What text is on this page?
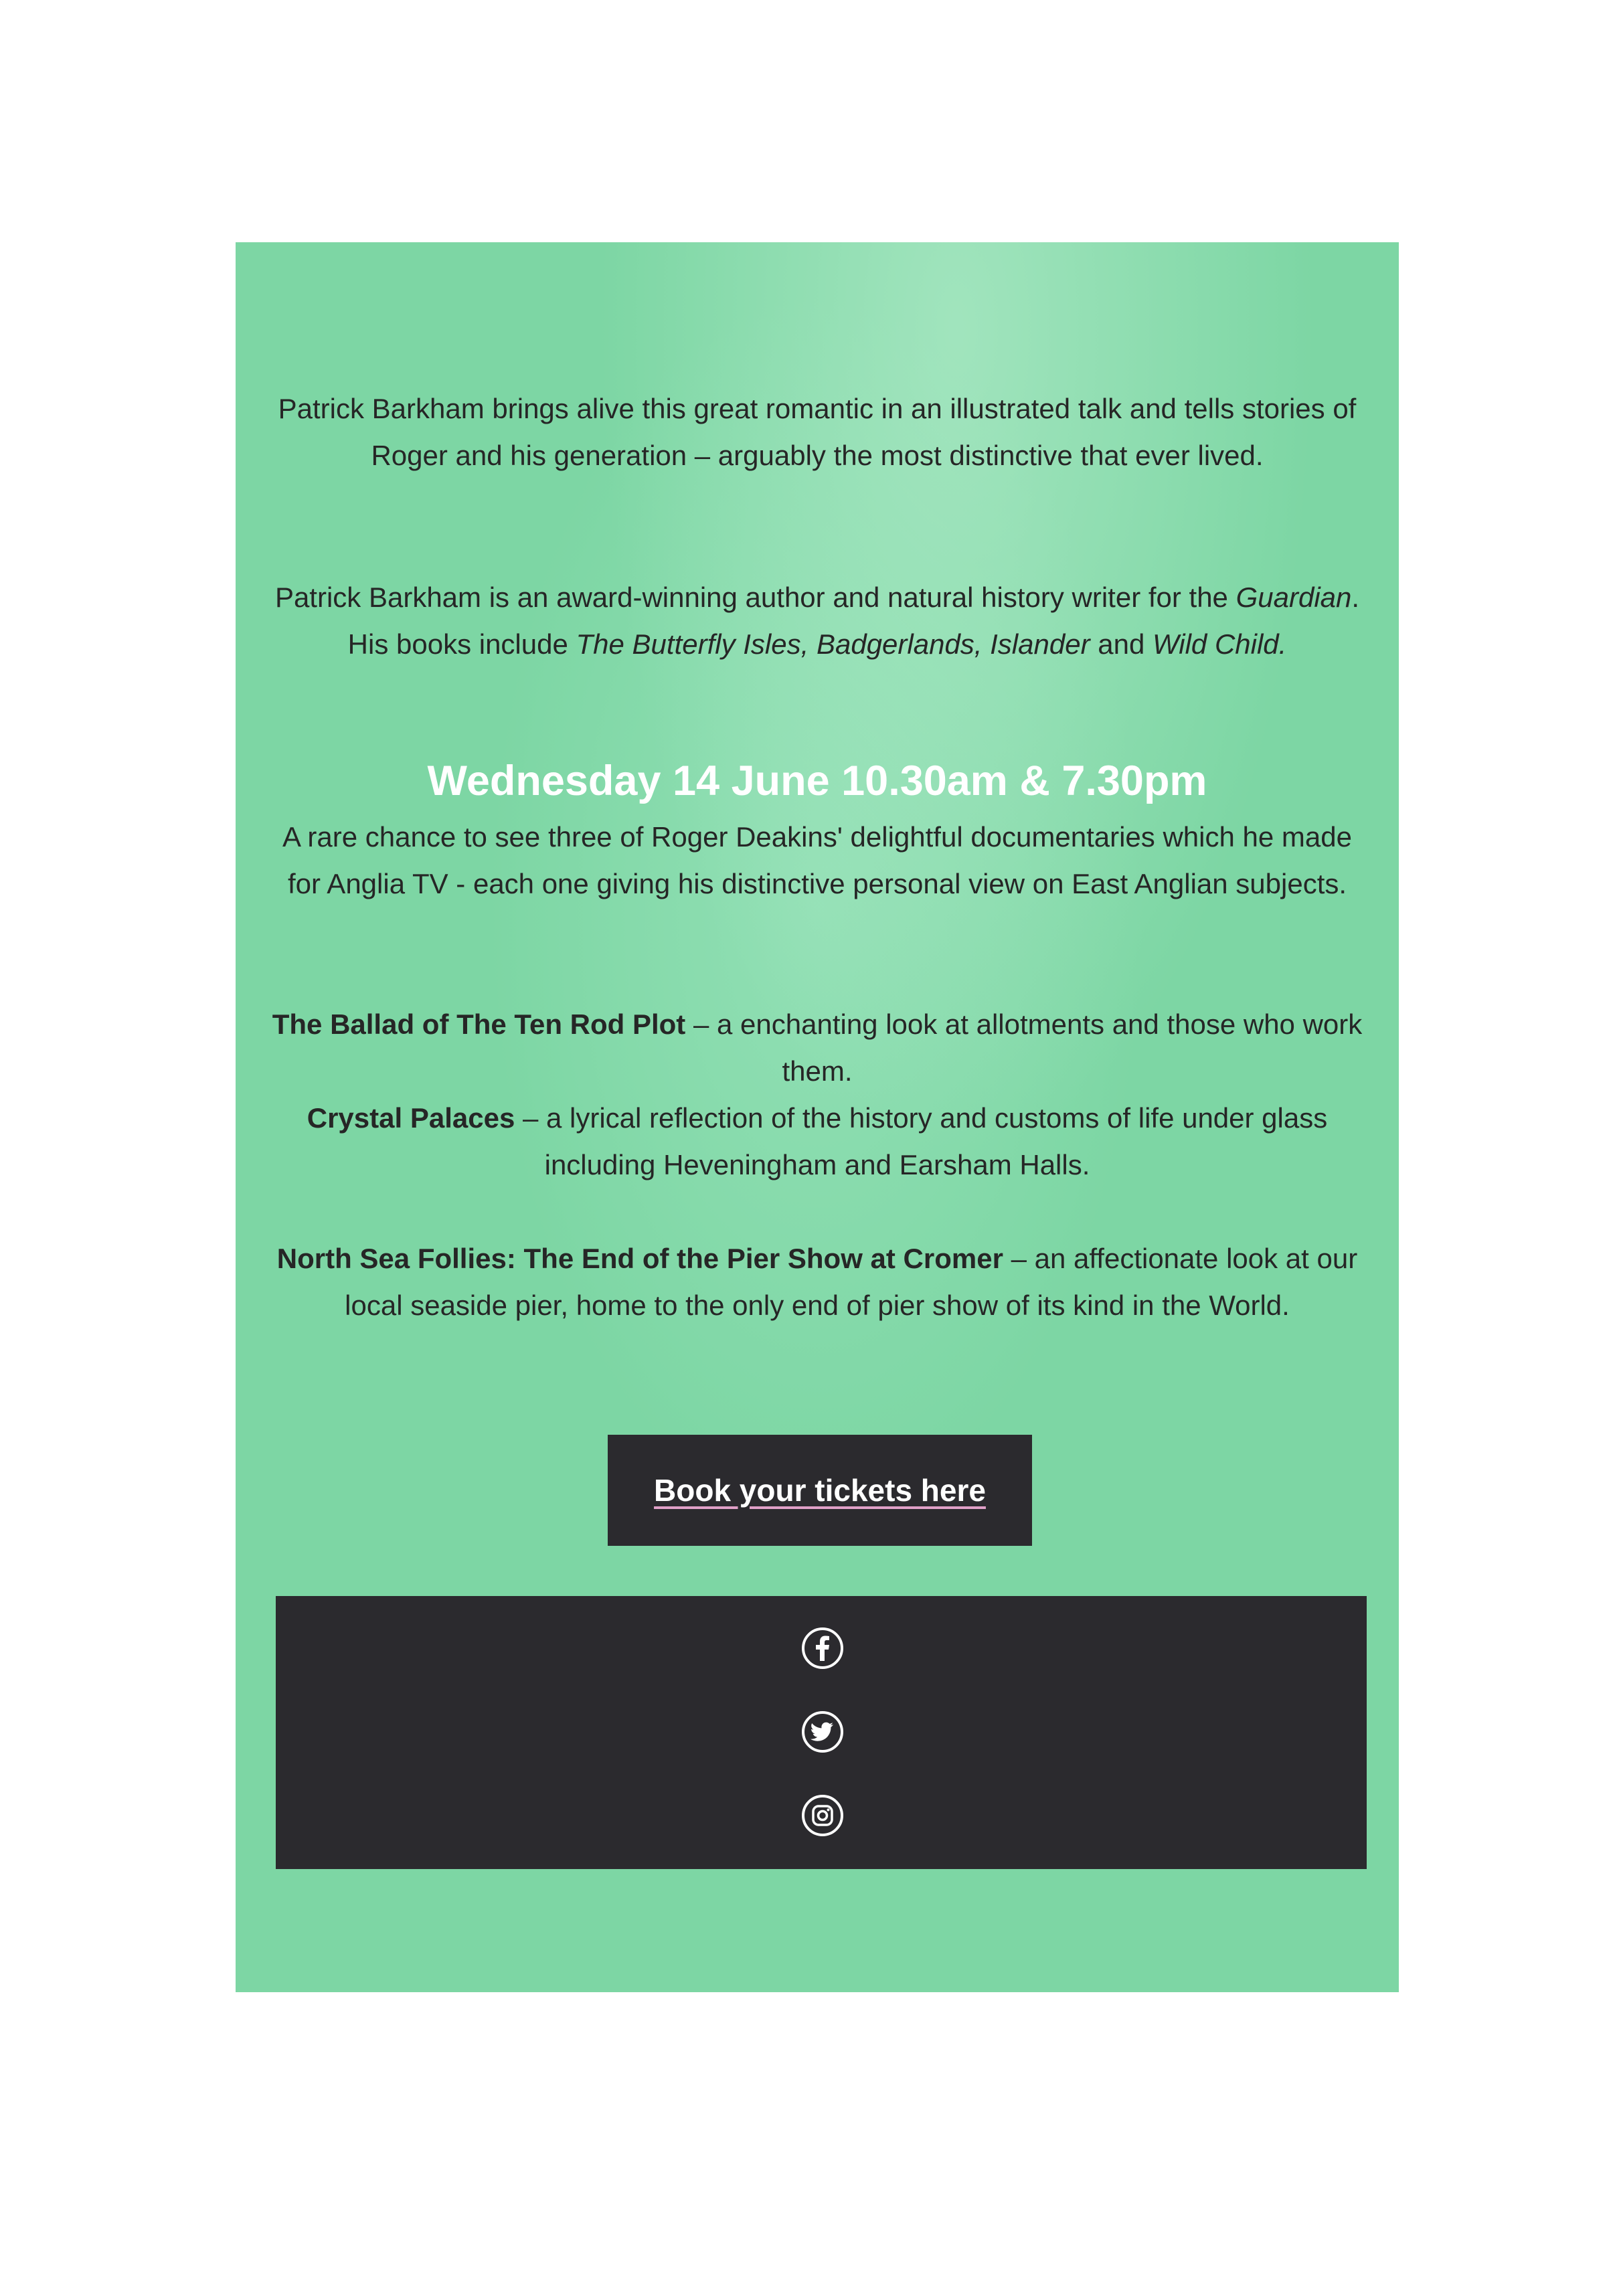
Patrick Barkham brings alive this great romantic in an illustrated talk and tells stories of Roger and his generation – arguably the most distinctive that ever lived.

Patrick Barkham is an award-winning author and natural history writer for the Guardian. His books include The Butterfly Isles, Badgerlands, Islander and Wild Child.

Wednesday 14 June 10.30am & 7.30pm

A rare chance to see three of Roger Deakins' delightful documentaries which he made for Anglia TV - each one giving his distinctive personal view on East Anglian subjects.

The Ballad of The Ten Rod Plot – a enchanting look at allotments and those who work them.

Crystal Palaces – a lyrical reflection of the history and customs of life under glass including Heveningham and Earsham Halls.

North Sea Follies: The End of the Pier Show at Cromer – an affectionate look at our local seaside pier, home to the only end of pier show of its kind in the World.

Book your tickets here
